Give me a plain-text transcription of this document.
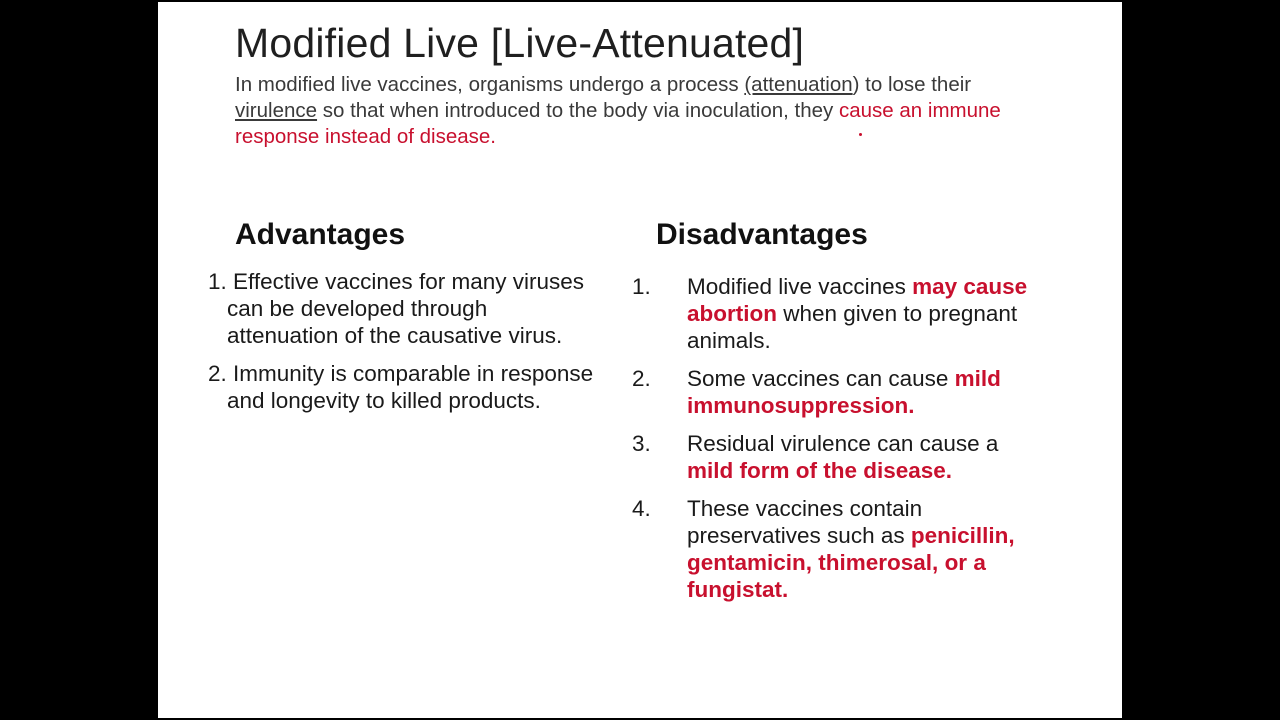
Modified Live [Live-Attenuated]
In modified live vaccines, organisms undergo a process (attenuation) to lose their virulence so that when introduced to the body via inoculation, they cause an immune response instead of disease.
Advantages
1. Effective vaccines for many viruses can be developed through attenuation of the causative virus.
2. Immunity is comparable in response and longevity to killed products.
Disadvantages
1. Modified live vaccines may cause abortion when given to pregnant animals.
2. Some vaccines can cause mild immunosuppression.
3. Residual virulence can cause a mild form of the disease.
4. These vaccines contain preservatives such as penicillin, gentamicin, thimerosal, or a fungistat.
